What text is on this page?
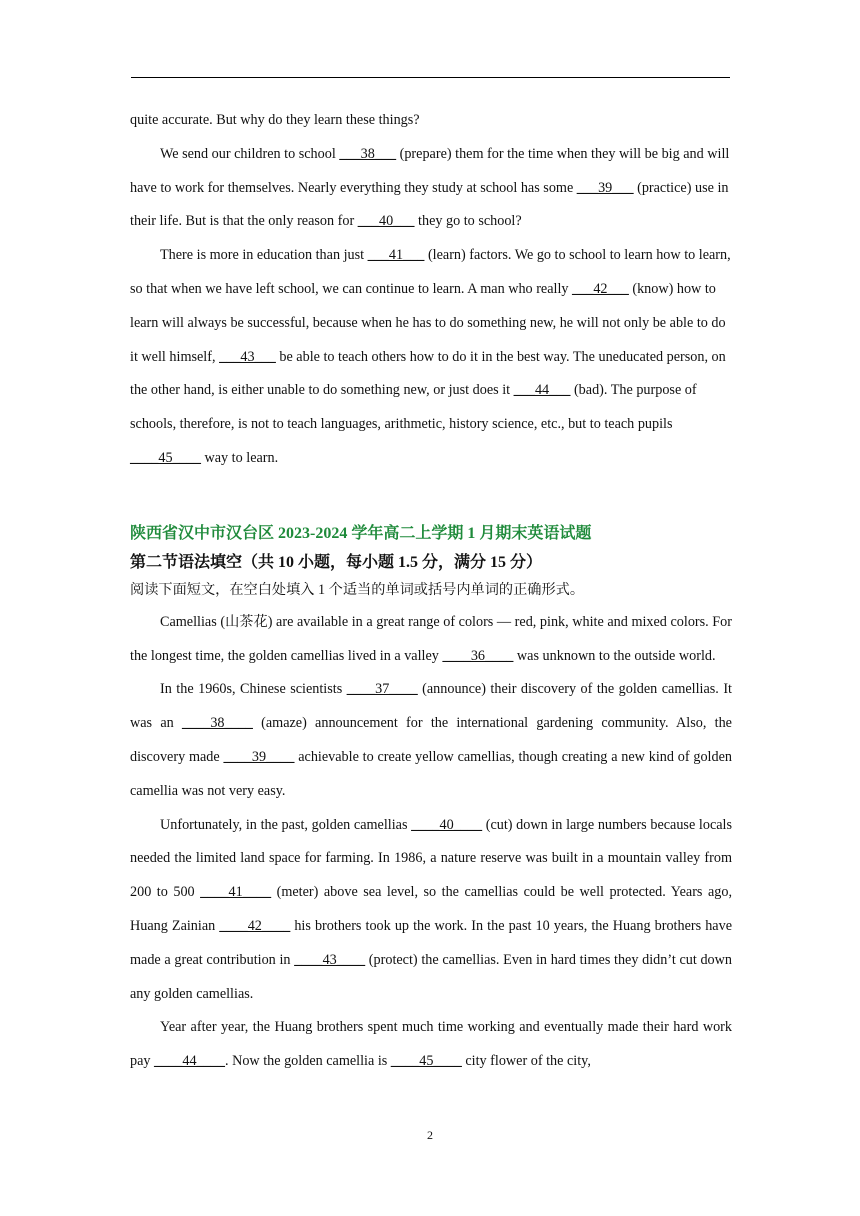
quite accurate. But why do they learn these things?

We send our children to school ___38___ (prepare) them for the time when they will be big and will have to work for themselves. Nearly everything they study at school has some ___39___ (practice) use in their life. But is that the only reason for ___40___ they go to school?

There is more in education than just ___41___ (learn) factors. We go to school to learn how to learn, so that when we have left school, we can continue to learn. A man who really ___42___ (know) how to learn will always be successful, because when he has to do something new, he will not only be able to do it well himself, ___43___ be able to teach others how to do it in the best way. The uneducated person, on the other hand, is either unable to do something new, or just does it ___44___ (bad). The purpose of schools, therefore, is not to teach languages, arithmetic, history science, etc., but to teach pupils ____45____ way to learn.

陕西省汉中市汉台区 2023-2024 学年高二上学期 1 月期末英语试题
第二节语法填空（共 10 小题，每小题 1.5 分，满分 15 分）
阅读下面短文，在空白处填入 1 个适当的单词或括号内单词的正确形式。

Camellias (山茶花) are available in a great range of colors — red, pink, white and mixed colors. For the longest time, the golden camellias lived in a valley ____36____ was unknown to the outside world.

In the 1960s, Chinese scientists ____37____ (announce) their discovery of the golden camellias. It was an ____38____ (amaze) announcement for the international gardening community. Also, the discovery made ____39____ achievable to create yellow camellias, though creating a new kind of golden camellia was not very easy.

Unfortunately, in the past, golden camellias ____40____ (cut) down in large numbers because locals needed the limited land space for farming. In 1986, a nature reserve was built in a mountain valley from 200 to 500 ____41____ (meter) above sea level, so the camellias could be well protected. Years ago, Huang Zainian ____42____ his brothers took up the work. In the past 10 years, the Huang brothers have made a great contribution in ____43____ (protect) the camellias. Even in hard times they didn’t cut down any golden camellias.

Year after year, the Huang brothers spent much time working and eventually made their hard work pay ____44____. Now the golden camellia is ____45____ city flower of the city,

2
